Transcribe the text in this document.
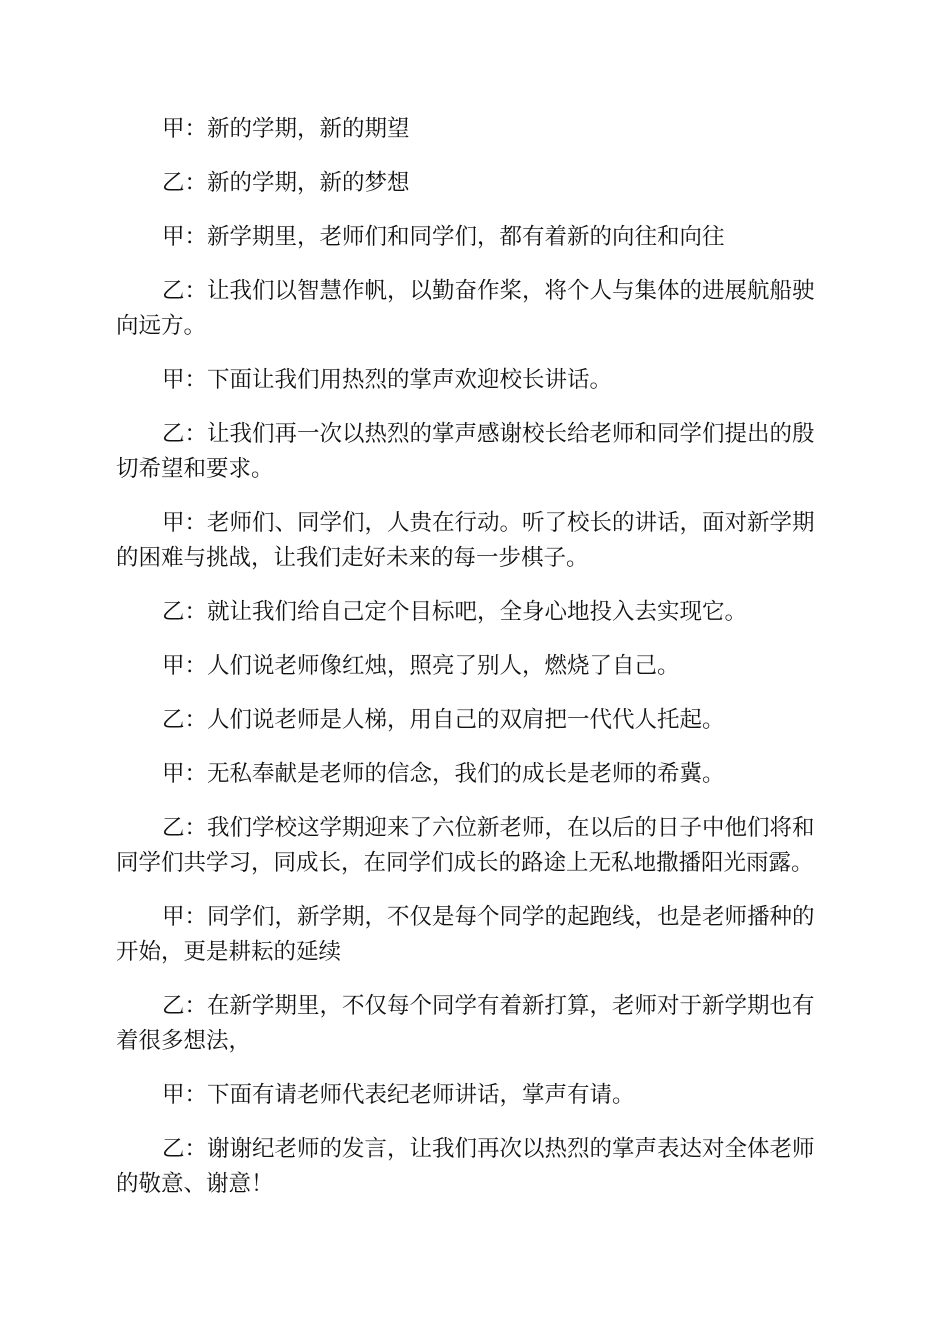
甲：新的学期，新的期望

乙：新的学期，新的梦想

甲：新学期里，老师们和同学们，都有着新的向往和向往

乙：让我们以智慧作帆，以勤奋作桨，将个人与集体的进展航船驶向远方。

甲：下面让我们用热烈的掌声欢迎校长讲话。

乙：让我们再一次以热烈的掌声感谢校长给老师和同学们提出的殷切希望和要求。

甲：老师们、同学们，人贵在行动。听了校长的讲话，面对新学期的困难与挑战，让我们走好未来的每一步棋子。

乙：就让我们给自己定个目标吧，全身心地投入去实现它。

甲：人们说老师像红烛，照亮了别人，燃烧了自己。

乙：人们说老师是人梯，用自己的双肩把一代代人托起。

甲：无私奉献是老师的信念，我们的成长是老师的希冀。

乙：我们学校这学期迎来了六位新老师，在以后的日子中他们将和同学们共学习，同成长，在同学们成长的路途上无私地撒播阳光雨露。

甲：同学们，新学期，不仅是每个同学的起跑线，也是老师播种的开始，更是耕耘的延续

乙：在新学期里，不仅每个同学有着新打算，老师对于新学期也有着很多想法，

甲：下面有请老师代表纪老师讲话，掌声有请。

乙：谢谢纪老师的发言，让我们再次以热烈的掌声表达对全体老师的敬意、谢意！
